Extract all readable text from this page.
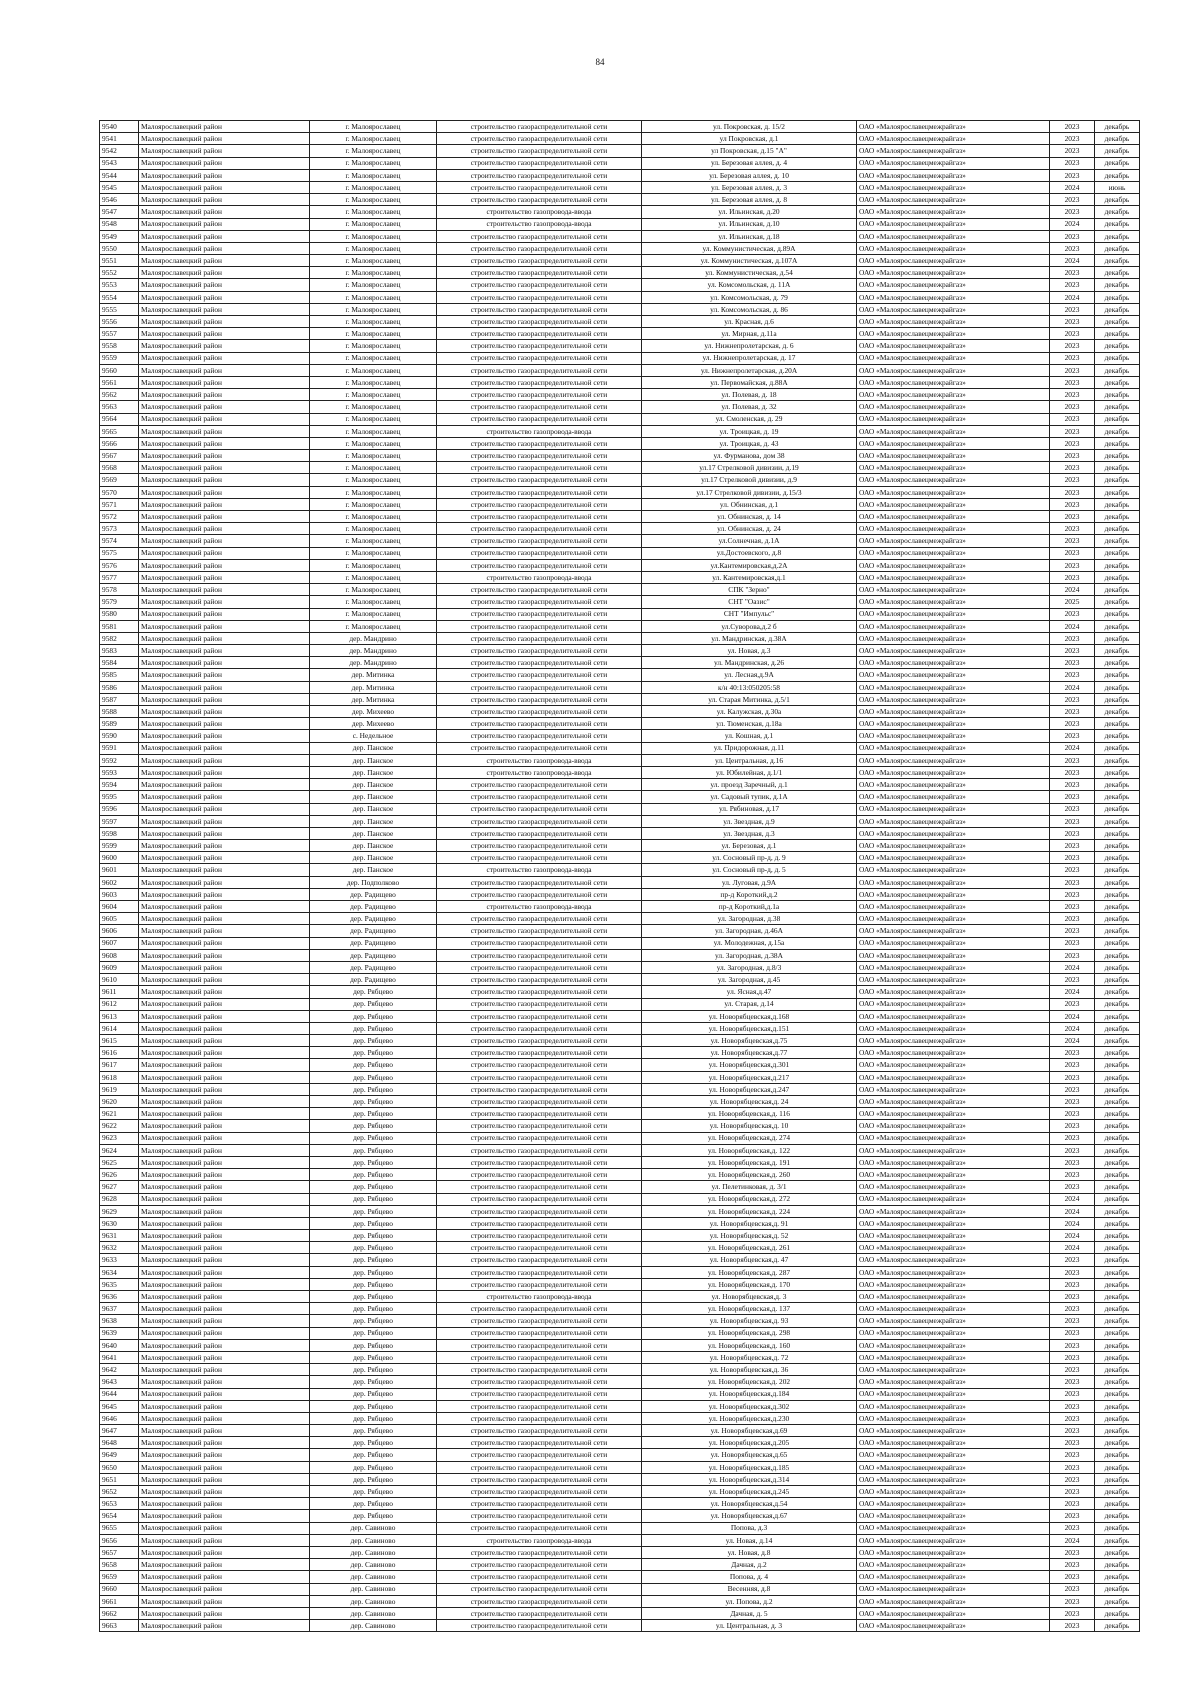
84
9540	Малоярославецкий район	г. Малоярославец	строительство газораспределительной сети	ул. Покровская, д. 15/2	ОАО «Малоярославецмежрайгаз»	2023	декабрь
9541	Малоярославецкий район	г. Малоярославец	строительство газораспределительной сети	ул Покровская, д.1	ОАО «Малоярославецмежрайгаз»	2023	декабрь
9542	Малоярославецкий район	г. Малоярославец	строительство газораспределительной сети	ул Покровская, д.15 "А"	ОАО «Малоярославецмежрайгаз»	2023	декабрь
9543	Малоярославецкий район	г. Малоярославец	строительство газораспределительной сети	ул. Березовая аллея, д. 4	ОАО «Малоярославецмежрайгаз»	2023	декабрь
9544	Малоярославецкий район	г. Малоярославец	строительство газораспределительной сети	ул. Березовая аллея, д. 10	ОАО «Малоярославецмежрайгаз»	2023	декабрь
9545	Малоярославецкий район	г. Малоярославец	строительство газораспределительной сети	ул. Березовая аллея, д. 3	ОАО «Малоярославецмежрайгаз»	2024	июнь
9546	Малоярославецкий район	г. Малоярославец	строительство газораспределительной сети	ул. Березовая аллея, д. 8	ОАО «Малоярославецмежрайгаз»	2023	декабрь
9547	Малоярославецкий район	г. Малоярославец	строительство газопровода-ввода	ул. Ильинская, д.20	ОАО «Малоярославецмежрайгаз»	2023	декабрь
9548	Малоярославецкий район	г. Малоярославец	строительство газопровода-ввода	ул. Ильинская, д.10	ОАО «Малоярославецмежрайгаз»	2024	декабрь
9549	Малоярославецкий район	г. Малоярославец	строительство газораспределительной сети	ул. Ильинская, д.18	ОАО «Малоярославецмежрайгаз»	2023	декабрь
9550	Малоярославецкий район	г. Малоярославец	строительство газораспределительной сети	ул. Коммунистическая, д.89А	ОАО «Малоярославецмежрайгаз»	2023	декабрь
9551	Малоярославецкий район	г. Малоярославец	строительство газораспределительной сети	ул. Коммунистическая, д.107А	ОАО «Малоярославецмежрайгаз»	2024	декабрь
9552	Малоярославецкий район	г. Малоярославец	строительство газораспределительной сети	ул. Коммунистическая, д.54	ОАО «Малоярославецмежрайгаз»	2023	декабрь
9553	Малоярославецкий район	г. Малоярославец	строительство газораспределительной сети	ул. Комсомольская, д. 11А	ОАО «Малоярославецмежрайгаз»	2023	декабрь
9554	Малоярославецкий район	г. Малоярославец	строительство газораспределительной сети	ул. Комсомольская, д. 79	ОАО «Малоярославецмежрайгаз»	2024	декабрь
9555	Малоярославецкий район	г. Малоярославец	строительство газораспределительной сети	ул. Комсомольская, д. 86	ОАО «Малоярославецмежрайгаз»	2023	декабрь
9556	Малоярославецкий район	г. Малоярославец	строительство газораспределительной сети	ул. Красная, д.6	ОАО «Малоярославецмежрайгаз»	2023	декабрь
9557	Малоярославецкий район	г. Малоярославец	строительство газораспределительной сети	ул. Мирная, д.11а	ОАО «Малоярославецмежрайгаз»	2023	декабрь
9558	Малоярославецкий район	г. Малоярославец	строительство газораспределительной сети	ул. Нижнепролетарская, д. 6	ОАО «Малоярославецмежрайгаз»	2023	декабрь
9559	Малоярославецкий район	г. Малоярославец	строительство газораспределительной сети	ул. Нижнепролетарская, д. 17	ОАО «Малоярославецмежрайгаз»	2023	декабрь
9560	Малоярославецкий район	г. Малоярославец	строительство газораспределительной сети	ул. Нижнепролетарская, д.20А	ОАО «Малоярославецмежрайгаз»	2023	декабрь
9561	Малоярославецкий район	г. Малоярославец	строительство газораспределительной сети	ул. Первомайская, д.88А	ОАО «Малоярославецмежрайгаз»	2023	декабрь
9562	Малоярославецкий район	г. Малоярославец	строительство газораспределительной сети	ул. Полевая, д. 18	ОАО «Малоярославецмежрайгаз»	2023	декабрь
9563	Малоярославецкий район	г. Малоярославец	строительство газораспределительной сети	ул. Полевая, д. 32	ОАО «Малоярославецмежрайгаз»	2023	декабрь
9564	Малоярославецкий район	г. Малоярославец	строительство газораспределительной сети	ул. Смоленская, д. 29	ОАО «Малоярославецмежрайгаз»	2023	декабрь
9565	Малоярославецкий район	г. Малоярославец	строительство газопровода-ввода	ул. Троицкая, д. 19	ОАО «Малоярославецмежрайгаз»	2023	декабрь
9566	Малоярославецкий район	г. Малоярославец	строительство газораспределительной сети	ул. Троицкая, д. 43	ОАО «Малоярославецмежрайгаз»	2023	декабрь
9567	Малоярославецкий район	г. Малоярославец	строительство газораспределительной сети	ул. Фурманова, дом 38	ОАО «Малоярославецмежрайгаз»	2023	декабрь
9568	Малоярославецкий район	г. Малоярославец	строительство газораспределительной сети	ул.17 Стрелковой дивизии, д.19	ОАО «Малоярославецмежрайгаз»	2023	декабрь
9569	Малоярославецкий район	г. Малоярославец	строительство газораспределительной сети	ул.17 Стрелковой дивизии, д.9	ОАО «Малоярославецмежрайгаз»	2023	декабрь
9570	Малоярославецкий район	г. Малоярославец	строительство газораспределительной сети	ул.17 Стрелковой дивизии, д.15/3	ОАО «Малоярославецмежрайгаз»	2023	декабрь
9571	Малоярославецкий район	г. Малоярославец	строительство газораспределительной сети	ул. Обнинская, д.1	ОАО «Малоярославецмежрайгаз»	2023	декабрь
9572	Малоярославецкий район	г. Малоярославец	строительство газораспределительной сети	ул. Обнинская, д. 14	ОАО «Малоярославецмежрайгаз»	2023	декабрь
9573	Малоярославецкий район	г. Малоярославец	строительство газораспределительной сети	ул. Обнинская, д. 24	ОАО «Малоярославецмежрайгаз»	2023	декабрь
9574	Малоярославецкий район	г. Малоярославец	строительство газораспределительной сети	ул.Солнечная, д.1А	ОАО «Малоярославецмежрайгаз»	2023	декабрь
9575	Малоярославецкий район	г. Малоярославец	строительство газораспределительной сети	ул.Достоевского, д.8	ОАО «Малоярославецмежрайгаз»	2023	декабрь
9576	Малоярославецкий район	г. Малоярославец	строительство газораспределительной сети	ул.Кантемировская,д.2А	ОАО «Малоярославецмежрайгаз»	2023	декабрь
9577	Малоярославецкий район	г. Малоярославец	строительство газопровода-ввода	ул. Кантемировская,д.1	ОАО «Малоярославецмежрайгаз»	2023	декабрь
9578	Малоярославецкий район	г. Малоярославец	строительство газораспределительной сети	СПК "Зерно"	ОАО «Малоярославецмежрайгаз»	2024	декабрь
9579	Малоярославецкий район	г. Малоярославец	строительство газораспределительной сети	СНТ "Оазис"	ОАО «Малоярославецмежрайгаз»	2025	декабрь
9580	Малоярославецкий район	г. Малоярославец	строительство газораспределительной сети	СНТ "Импульс"	ОАО «Малоярославецмежрайгаз»	2023	декабрь
9581	Малоярославецкий район	г. Малоярославец	строительство газораспределительной сети	ул.Суворова,д.2 б	ОАО «Малоярославецмежрайгаз»	2024	декабрь
9582	Малоярославецкий район	дер. Мандрино	строительство газораспределительной сети	ул. Мандринская, д.38А	ОАО «Малоярославецмежрайгаз»	2023	декабрь
9583	Малоярославецкий район	дер. Мандрино	строительство газораспределительной сети	ул. Новая, д.3	ОАО «Малоярославецмежрайгаз»	2023	декабрь
9584	Малоярославецкий район	дер. Мандрино	строительство газораспределительной сети	ул. Мандринская, д.26	ОАО «Малоярославецмежрайгаз»	2023	декабрь
9585	Малоярославецкий район	дер. Митинка	строительство газораспределительной сети	ул. Лесная,д.9А	ОАО «Малоярославецмежрайгаз»	2023	декабрь
9586	Малоярославецкий район	дер. Митинка	строительство газораспределительной сети	к/н 40:13:050205:58	ОАО «Малоярославецмежрайгаз»	2024	декабрь
9587	Малоярославецкий район	дер. Митинка	строительство газораспределительной сети	ул. Старая Митинка, д.5/1	ОАО «Малоярославецмежрайгаз»	2023	декабрь
9588	Малоярославецкий район	дер. Михеево	строительство газораспределительной сети	ул. Калужская, д.30а	ОАО «Малоярославецмежрайгаз»	2023	декабрь
9589	Малоярославецкий район	дер. Михеево	строительство газораспределительной сети	ул. Тюменская, д.18а	ОАО «Малоярославецмежрайгаз»	2023	декабрь
9590	Малоярославецкий район	с. Недельное	строительство газораспределительной сети	ул. Кошная, д.1	ОАО «Малоярославецмежрайгаз»	2023	декабрь
9591	Малоярославецкий район	дер. Панское	строительство газораспределительной сети	ул. Придорожная, д.11	ОАО «Малоярославецмежрайгаз»	2024	декабрь
9592	Малоярославецкий район	дер. Панское	строительство газопровода-ввода	ул. Центральная, д.16	ОАО «Малоярославецмежрайгаз»	2023	декабрь
9593	Малоярославецкий район	дер. Панское	строительство газопровода-ввода	ул. Юбилейная, д.1/1	ОАО «Малоярославецмежрайгаз»	2023	декабрь
9594	Малоярославецкий район	дер. Панское	строительство газораспределительной сети	ул. проезд Заречный, д.1	ОАО «Малоярославецмежрайгаз»	2023	декабрь
9595	Малоярославецкий район	дер. Панское	строительство газораспределительной сети	ул. Садовый тупик, д.1А	ОАО «Малоярославецмежрайгаз»	2023	декабрь
9596	Малоярославецкий район	дер. Панское	строительство газораспределительной сети	ул. Рябиновая, д.17	ОАО «Малоярославецмежрайгаз»	2023	декабрь
9597	Малоярославецкий район	дер. Панское	строительство газораспределительной сети	ул. Звездная, д.9	ОАО «Малоярославецмежрайгаз»	2023	декабрь
9598	Малоярославецкий район	дер. Панское	строительство газораспределительной сети	ул. Звездная, д.3	ОАО «Малоярославецмежрайгаз»	2023	декабрь
9599	Малоярославецкий район	дер. Панское	строительство газораспределительной сети	ул. Березовая, д.1	ОАО «Малоярославецмежрайгаз»	2023	декабрь
9600	Малоярославецкий район	дер. Панское	строительство газораспределительной сети	ул. Сосновый пр-д, д. 9	ОАО «Малоярославецмежрайгаз»	2023	декабрь
9601	Малоярославецкий район	дер. Панское	строительство газопровода-ввода	ул. Сосновый пр-д, д. 5	ОАО «Малоярославецмежрайгаз»	2023	декабрь
9602	Малоярославецкий район	дер. Подполково	строительство газораспределительной сети	ул. Луговая, д.9А	ОАО «Малоярославецмежрайгаз»	2023	декабрь
9603	Малоярославецкий район	дер. Радищево	строительство газораспределительной сети	пр-д Короткий,д.2	ОАО «Малоярославецмежрайгаз»	2023	декабрь
9604	Малоярославецкий район	дер. Радищево	строительство газопровода-ввода	пр-д Короткий,д.1а	ОАО «Малоярославецмежрайгаз»	2023	декабрь
9605	Малоярославецкий район	дер. Радищево	строительство газораспределительной сети	ул. Загородная, д.38	ОАО «Малоярославецмежрайгаз»	2023	декабрь
9606	Малоярославецкий район	дер. Радищево	строительство газораспределительной сети	ул. Загородная, д.46А	ОАО «Малоярославецмежрайгаз»	2023	декабрь
9607	Малоярославецкий район	дер. Радищево	строительство газораспределительной сети	ул. Молодежная, д.15а	ОАО «Малоярославецмежрайгаз»	2023	декабрь
9608	Малоярославецкий район	дер. Радищево	строительство газораспределительной сети	ул. Загородная, д.38А	ОАО «Малоярославецмежрайгаз»	2023	декабрь
9609	Малоярославецкий район	дер. Радищево	строительство газораспределительной сети	ул. Загородная, д.8/3	ОАО «Малоярославецмежрайгаз»	2024	декабрь
9610	Малоярославецкий район	дер. Радищево	строительство газораспределительной сети	ул. Загородная, д.45	ОАО «Малоярославецмежрайгаз»	2023	декабрь
9611	Малоярославецкий район	дер. Рябцево	строительство газораспределительной сети	ул. Ясная,д.47	ОАО «Малоярославецмежрайгаз»	2024	декабрь
9612	Малоярославецкий район	дер. Рябцево	строительство газораспределительной сети	ул. Старая, д.14	ОАО «Малоярославецмежрайгаз»	2023	декабрь
9613	Малоярославецкий район	дер. Рябцево	строительство газораспределительной сети	ул. Новорябцевская,д.168	ОАО «Малоярославецмежрайгаз»	2024	декабрь
9614	Малоярославецкий район	дер. Рябцево	строительство газораспределительной сети	ул. Новорябцевская,д.151	ОАО «Малоярославецмежрайгаз»	2024	декабрь
9615	Малоярославецкий район	дер. Рябцево	строительство газораспределительной сети	ул. Новорябцевская,д.75	ОАО «Малоярославецмежрайгаз»	2024	декабрь
9616	Малоярославецкий район	дер. Рябцево	строительство газораспределительной сети	ул. Новорябцевская,д.77	ОАО «Малоярославецмежрайгаз»	2023	декабрь
9617	Малоярославецкий район	дер. Рябцево	строительство газораспределительной сети	ул. Новорябцевская,д.301	ОАО «Малоярославецмежрайгаз»	2023	декабрь
9618	Малоярославецкий район	дер. Рябцево	строительство газораспределительной сети	ул. Новорябцевская,д.217	ОАО «Малоярославецмежрайгаз»	2023	декабрь
9619	Малоярославецкий район	дер. Рябцево	строительство газораспределительной сети	ул. Новорябцевская,д.247	ОАО «Малоярославецмежрайгаз»	2023	декабрь
9620	Малоярославецкий район	дер. Рябцево	строительство газораспределительной сети	ул. Новорябцевская,д. 24	ОАО «Малоярославецмежрайгаз»	2023	декабрь
9621	Малоярославецкий район	дер. Рябцево	строительство газораспределительной сети	ул. Новорябцевская,д. 116	ОАО «Малоярославецмежрайгаз»	2023	декабрь
9622	Малоярославецкий район	дер. Рябцево	строительство газораспределительной сети	ул. Новорябцевская,д. 10	ОАО «Малоярославецмежрайгаз»	2023	декабрь
9623	Малоярославецкий район	дер. Рябцево	строительство газораспределительной сети	ул. Новорябцевская,д. 274	ОАО «Малоярославецмежрайгаз»	2023	декабрь
9624	Малоярославецкий район	дер. Рябцево	строительство газораспределительной сети	ул. Новорябцевская,д. 122	ОАО «Малоярославецмежрайгаз»	2023	декабрь
9625	Малоярославецкий район	дер. Рябцево	строительство газораспределительной сети	ул. Новорябцевская,д. 191	ОАО «Малоярославецмежрайгаз»	2023	декабрь
9626	Малоярославецкий район	дер. Рябцево	строительство газораспределительной сети	ул. Новорябцевская,д. 260	ОАО «Малоярославецмежрайгаз»	2023	декабрь
9627	Малоярославецкий район	дер. Рябцево	строительство газораспределительной сети	ул. Пелетинковая, д. 3/1	ОАО «Малоярославецмежрайгаз»	2023	декабрь
9628	Малоярославецкий район	дер. Рябцево	строительство газораспределительной сети	ул. Новорябцевская,д. 272	ОАО «Малоярославецмежрайгаз»	2024	декабрь
9629	Малоярославецкий район	дер. Рябцево	строительство газораспределительной сети	ул. Новорябцевская,д. 224	ОАО «Малоярославецмежрайгаз»	2024	декабрь
9630	Малоярославецкий район	дер. Рябцево	строительство газораспределительной сети	ул. Новорябцевская,д. 91	ОАО «Малоярославецмежрайгаз»	2024	декабрь
9631	Малоярославецкий район	дер. Рябцево	строительство газораспределительной сети	ул. Новорябцевская,д. 52	ОАО «Малоярославецмежрайгаз»	2024	декабрь
9632	Малоярославецкий район	дер. Рябцево	строительство газораспределительной сети	ул. Новорябцевская,д. 261	ОАО «Малоярославецмежрайгаз»	2024	декабрь
9633	Малоярославецкий район	дер. Рябцево	строительство газораспределительной сети	ул. Новорябцевская,д. 47	ОАО «Малоярославецмежрайгаз»	2023	декабрь
9634	Малоярославецкий район	дер. Рябцево	строительство газораспределительной сети	ул. Новорябцевская,д. 287	ОАО «Малоярославецмежрайгаз»	2023	декабрь
9635	Малоярославецкий район	дер. Рябцево	строительство газораспределительной сети	ул. Новорябцевская,д. 170	ОАО «Малоярославецмежрайгаз»	2023	декабрь
9636	Малоярославецкий район	дер. Рябцево	строительство газопровода-ввода	ул. Новорябцевская,д. 3	ОАО «Малоярославецмежрайгаз»	2023	декабрь
9637	Малоярославецкий район	дер. Рябцево	строительство газораспределительной сети	ул. Новорябцевская,д. 137	ОАО «Малоярославецмежрайгаз»	2023	декабрь
9638	Малоярославецкий район	дер. Рябцево	строительство газораспределительной сети	ул. Новорябцевская,д. 93	ОАО «Малоярославецмежрайгаз»	2023	декабрь
9639	Малоярославецкий район	дер. Рябцево	строительство газораспределительной сети	ул. Новорябцевская,д. 298	ОАО «Малоярославецмежрайгаз»	2023	декабрь
9640	Малоярославецкий район	дер. Рябцево	строительство газораспределительной сети	ул. Новорябцевская,д. 160	ОАО «Малоярославецмежрайгаз»	2023	декабрь
9641	Малоярославецкий район	дер. Рябцево	строительство газораспределительной сети	ул. Новорябцевская,д. 72	ОАО «Малоярославецмежрайгаз»	2023	декабрь
9642	Малоярославецкий район	дер. Рябцево	строительство газораспределительной сети	ул. Новорябцевская,д. 36	ОАО «Малоярославецмежрайгаз»	2023	декабрь
9643	Малоярославецкий район	дер. Рябцево	строительство газораспределительной сети	ул. Новорябцевская,д. 202	ОАО «Малоярославецмежрайгаз»	2023	декабрь
9644	Малоярославецкий район	дер. Рябцево	строительство газораспределительной сети	ул. Новорябцевская,д.184	ОАО «Малоярославецмежрайгаз»	2023	декабрь
9645	Малоярославецкий район	дер. Рябцево	строительство газораспределительной сети	ул. Новорябцевская,д.302	ОАО «Малоярославецмежрайгаз»	2023	декабрь
9646	Малоярославецкий район	дер. Рябцево	строительство газораспределительной сети	ул. Новорябцевская,д.230	ОАО «Малоярославецмежрайгаз»	2023	декабрь
9647	Малоярославецкий район	дер. Рябцево	строительство газораспределительной сети	ул. Новорябцевская,д.69	ОАО «Малоярославецмежрайгаз»	2023	декабрь
9648	Малоярославецкий район	дер. Рябцево	строительство газораспределительной сети	ул. Новорябцевская,д.205	ОАО «Малоярославецмежрайгаз»	2023	декабрь
9649	Малоярославецкий район	дер. Рябцево	строительство газораспределительной сети	ул. Новорябцевская,д.65	ОАО «Малоярославецмежрайгаз»	2023	декабрь
9650	Малоярославецкий район	дер. Рябцево	строительство газораспределительной сети	ул. Новорябцевская,д.185	ОАО «Малоярославецмежрайгаз»	2023	декабрь
9651	Малоярославецкий район	дер. Рябцево	строительство газораспределительной сети	ул. Новорябцевская,д.314	ОАО «Малоярославецмежрайгаз»	2023	декабрь
9652	Малоярославецкий район	дер. Рябцево	строительство газораспределительной сети	ул. Новорябцевская,д.245	ОАО «Малоярославецмежрайгаз»	2023	декабрь
9653	Малоярославецкий район	дер. Рябцево	строительство газораспределительной сети	ул. Новорябцевская,д.54	ОАО «Малоярославецмежрайгаз»	2023	декабрь
9654	Малоярославецкий район	дер. Рябцево	строительство газораспределительной сети	ул. Новорябцевская,д.67	ОАО «Малоярославецмежрайгаз»	2023	декабрь
9655	Малоярославецкий район	дер. Савиново	строительство газораспределительной сети	Попова, д.3	ОАО «Малоярославецмежрайгаз»	2023	декабрь
9656	Малоярославецкий район	дер. Савиново	строительство газопровода-ввода	ул. Новая, д.14	ОАО «Малоярославецмежрайгаз»	2024	декабрь
9657	Малоярославецкий район	дер. Савиново	строительство газораспределительной сети	ул. Новая, д.8	ОАО «Малоярославецмежрайгаз»	2023	декабрь
9658	Малоярославецкий район	дер. Савиново	строительство газораспределительной сети	Дачная, д.2	ОАО «Малоярославецмежрайгаз»	2023	декабрь
9659	Малоярославецкий район	дер. Савиново	строительство газораспределительной сети	Попова, д. 4	ОАО «Малоярославецмежрайгаз»	2023	декабрь
9660	Малоярославецкий район	дер. Савиново	строительство газораспределительной сети	Весенняя, д.8	ОАО «Малоярославецмежрайгаз»	2023	декабрь
9661	Малоярославецкий район	дер. Савиново	строительство газораспределительной сети	ул. Попова, д.2	ОАО «Малоярославецмежрайгаз»	2023	декабрь
9662	Малоярославецкий район	дер. Савиново	строительство газораспределительной сети	Дачная, д. 5	ОАО «Малоярославецмежрайгаз»	2023	декабрь
9663	Малоярославецкий район	дер. Савиново	строительство газораспределительной сети	ул. Центральная, д. 3	ОАО «Малоярославецмежрайгаз»	2023	декабрь
